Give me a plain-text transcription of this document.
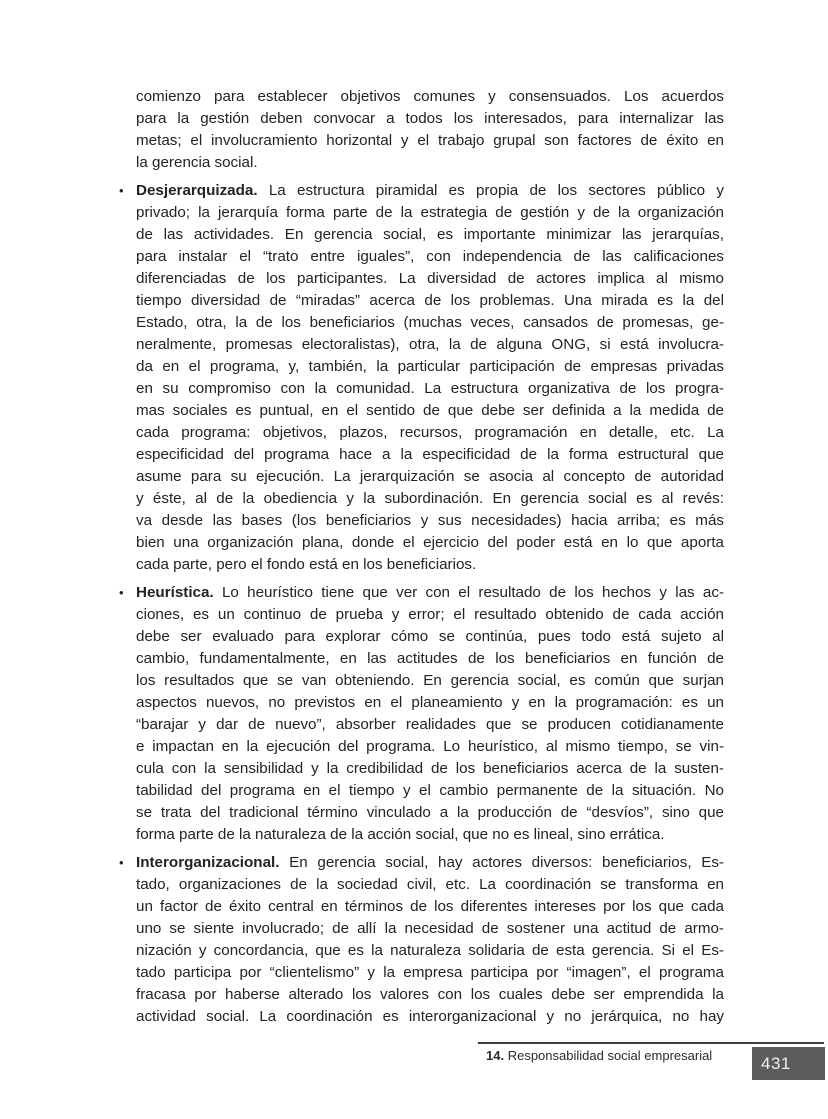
comienzo para establecer objetivos comunes y consensuados. Los acuerdos
para la gestión deben convocar a todos los interesados, para internalizar las
metas; el involucramiento horizontal y el trabajo grupal son factores de éxito en
la gerencia social.
• Desjerarquizada. La estructura piramidal es propia de los sectores público y
privado; la jerarquía forma parte de la estrategia de gestión y de la organización
de las actividades. En gerencia social, es importante minimizar las jerarquías,
para instalar el “trato entre iguales”, con independencia de las calificaciones
diferenciadas de los participantes. La diversidad de actores implica al mismo
tiempo diversidad de “miradas” acerca de los problemas. Una mirada es la del
Estado, otra, la de los beneficiarios (muchas veces, cansados de promesas, ge-
neralmente, promesas electoralistas), otra, la de alguna ONG, si está involucra-
da en el programa, y, también, la particular participación de empresas privadas
en su compromiso con la comunidad. La estructura organizativa de los progra-
mas sociales es puntual, en el sentido de que debe ser definida a la medida de
cada programa: objetivos, plazos, recursos, programación en detalle, etc. La
especificidad del programa hace a la especificidad de la forma estructural que
asume para su ejecución. La jerarquización se asocia al concepto de autoridad
y éste, al de la obediencia y la subordinación. En gerencia social es al revés:
va desde las bases (los beneficiarios y sus necesidades) hacia arriba; es más
bien una organización plana, donde el ejercicio del poder está en lo que aporta
cada parte, pero el fondo está en los beneficiarios.
• Heurística. Lo heurístico tiene que ver con el resultado de los hechos y las ac-
ciones, es un continuo de prueba y error; el resultado obtenido de cada acción
debe ser evaluado para explorar cómo se continúa, pues todo está sujeto al
cambio, fundamentalmente, en las actitudes de los beneficiarios en función de
los resultados que se van obteniendo. En gerencia social, es común que surjan
aspectos nuevos, no previstos en el planeamiento y en la programación: es un
“barajar y dar de nuevo”, absorber realidades que se producen cotidianamente
e impactan en la ejecución del programa. Lo heurístico, al mismo tiempo, se vin-
cula con la sensibilidad y la credibilidad de los beneficiarios acerca de la susten-
tabilidad del programa en el tiempo y el cambio permanente de la situación. No
se trata del tradicional término vinculado a la producción de “desvíos”, sino que
forma parte de la naturaleza de la acción social, que no es lineal, sino errática.
• Interorganizacional. En gerencia social, hay actores diversos: beneficiarios, Es-
tado, organizaciones de la sociedad civil, etc. La coordinación se transforma en
un factor de éxito central en términos de los diferentes intereses por los que cada
uno se siente involucrado; de allí la necesidad de sostener una actitud de armo-
nización y concordancia, que es la naturaleza solidaria de esta gerencia. Si el Es-
tado participa por “clientelismo” y la empresa participa por “imagen”, el programa
fracasa por haberse alterado los valores con los cuales debe ser emprendida la
actividad social. La coordinación es interorganizacional y no jerárquica, no hay
14. Responsabilidad social empresarial	431
